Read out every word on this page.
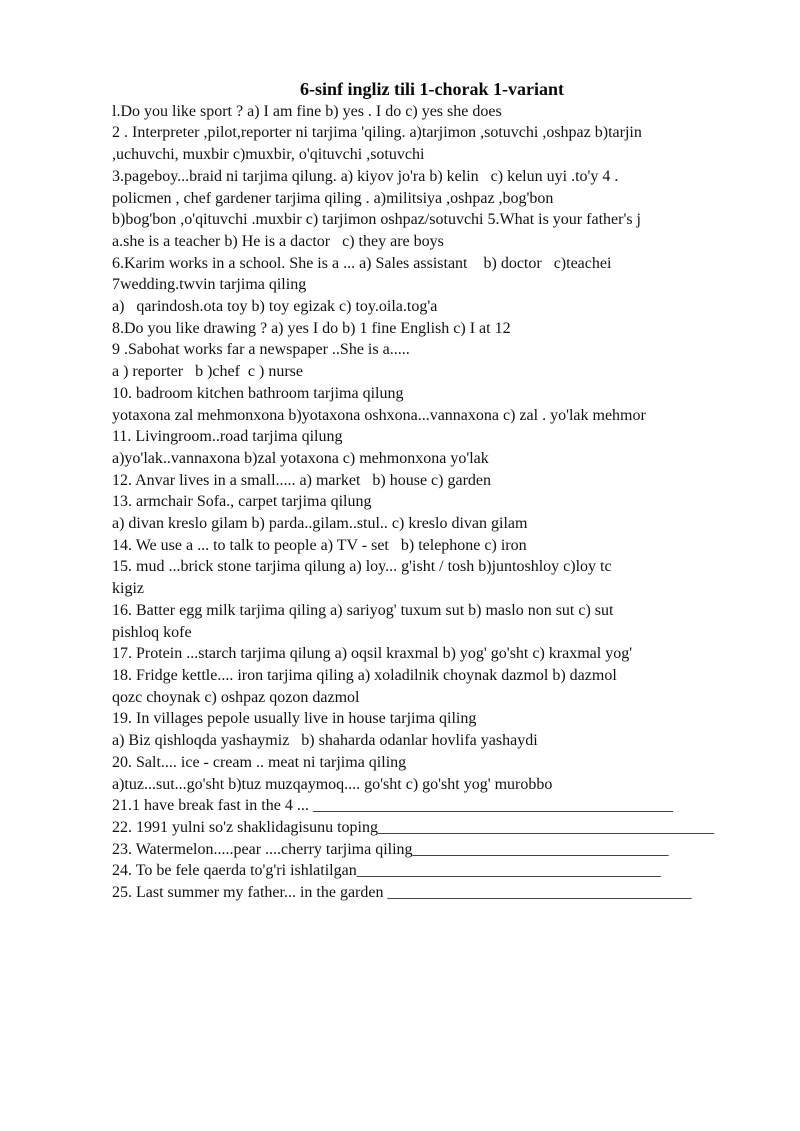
6-sinf ingliz tili 1-chorak 1-variant
l.Do you like sport ? a) I am fine b) yes . I do c) yes she does
2 . Interpreter ,pilot,reporter ni tarjima 'qiling. a)tarjimon ,sotuvchi ,oshpaz b)tarjin
,uchuvchi, muxbir c)muxbir, o'qituvchi ,sotuvchi
3.pageboy...braid ni tarjima qilung. a) kiyov jo'ra b) kelin   c) kelun uyi .to'y 4 .
policmen , chef gardener tarjima qiling . a)militsiya ,oshpaz ,bog'bon
b)bog'bon ,o'qituvchi .muxbir c) tarjimon oshpaz/sotuvchi 5.What is your father's j
a.she is a teacher b) He is a dactor   c) they are boys
6.Karim works in a school. She is a ... a) Sales assistant    b) doctor   c)teachei
7wedding.twvin tarjima qiling
a)   qarindosh.ota toy b) toy egizak c) toy.oila.tog'a
8.Do you like drawing ? a) yes I do b) 1 fine English c) I at 12
9 .Sabohat works far a newspaper ..She is a.....
a ) reporter   b )chef  c ) nurse
10. badroom kitchen bathroom tarjima qilung
yotaxona zal mehmonxona b)yotaxona oshxona...vannaxona c) zal . yo'lak mehmor
11. Livingroom..road tarjima qilung
a)yo'lak..vannaxona b)zal yotaxona c) mehmonxona yo'lak
12. Anvar lives in a small..... a) market   b) house c) garden
13. armchair Sofa., carpet tarjima qilung
a) divan kreslo gilam b) parda..gilam..stul.. c) kreslo divan gilam
14. We use a ... to talk to people a) TV - set   b) telephone c) iron
15. mud ...brick stone tarjima qilung a) loy... g'isht / tosh b)juntoshloy c)loy tc
kigiz
16. Batter egg milk tarjima qiling a) sariyog' tuxum sut b) maslo non sut c) sut
pishloq kofe
17. Protein ...starch tarjima qilung a) oqsil kraxmal b) yog' go'sht c) kraxmal yog'
18. Fridge kettle.... iron tarjima qiling a) xoladilnik choynak dazmol b) dazmol
qozc choynak c) oshpaz qozon dazmol
19. In villages pepole usually live in house tarjima qiling
a) Biz qishloqda yashaymiz   b) shaharda odanlar hovlifa yashaydi
20. Salt.... ice - cream .. meat ni tarjima qiling
a)tuz...sut...go'sht b)tuz muzqaymoq.... go'sht c) go'sht yog' murobbo
21.1 have break fast in the 4 ... _____________________________________________
22. 1991 yulni so'z shaklidagisunu toping__________________________________________
23. Watermelon.....pear ....cherry tarjima qiling________________________________
24. To be fele qaerda to'g'ri ishlatilgan______________________________________
25. Last summer my father... in the garden ______________________________________
